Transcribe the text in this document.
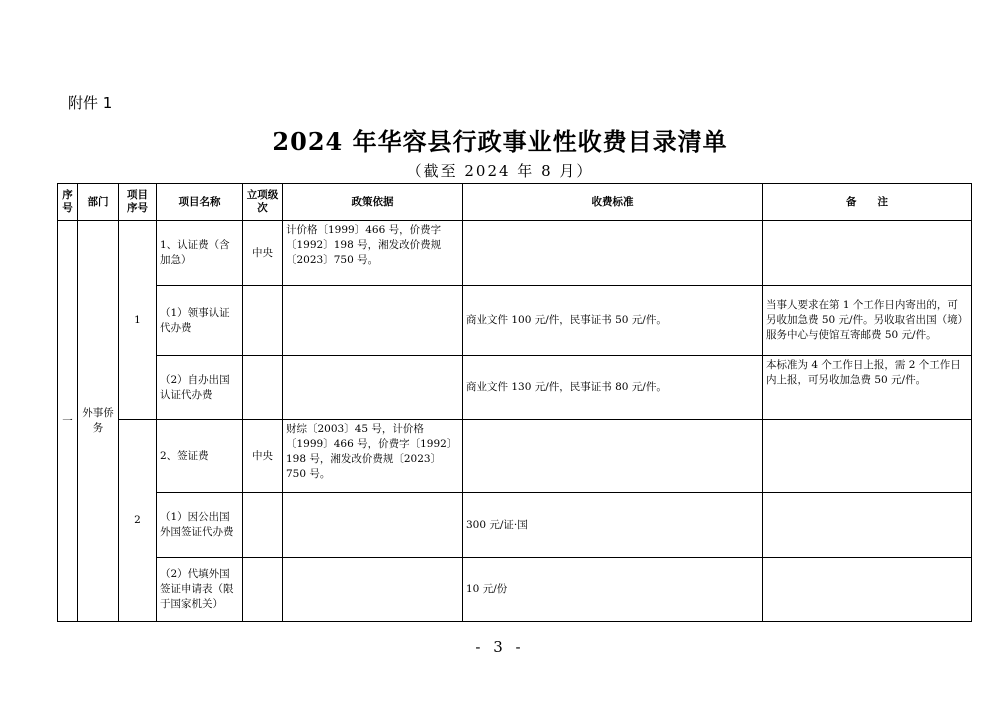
附件 1
2024 年华容县行政事业性收费目录清单
（截至 2024 年 8 月）
序号	部门	项目序号	项目名称	立项级次	政策依据	收费标准	备　　注
一	外事侨务	1	1、认证费（含加急）	中央	计价格〔1999〕466 号，价费字〔1992〕198 号，湘发改价费规〔2023〕750 号。		
			（1）领事认证代办费			商业文件 100 元/件，民事证书 50 元/件。	当事人要求在第 1 个工作日内寄出的，可另收加急费 50 元/件。另收取省出国（境）服务中心与使馆互寄邮费 50 元/件。
			（2）自办出国认证代办费			商业文件 130 元/件，民事证书 80 元/件。	本标准为 4 个工作日上报，需 2 个工作日内上报，可另收加急费 50 元/件。
		2	2、签证费	中央	财综〔2003〕45 号，计价格〔1999〕466 号，价费字〔1992〕198 号，湘发改价费规〔2023〕750 号。		
			（1）因公出国外国签证代办费			300 元/证·国	
			（2）代填外国签证申请表（限于国家机关）			10 元/份	
- 3 -
